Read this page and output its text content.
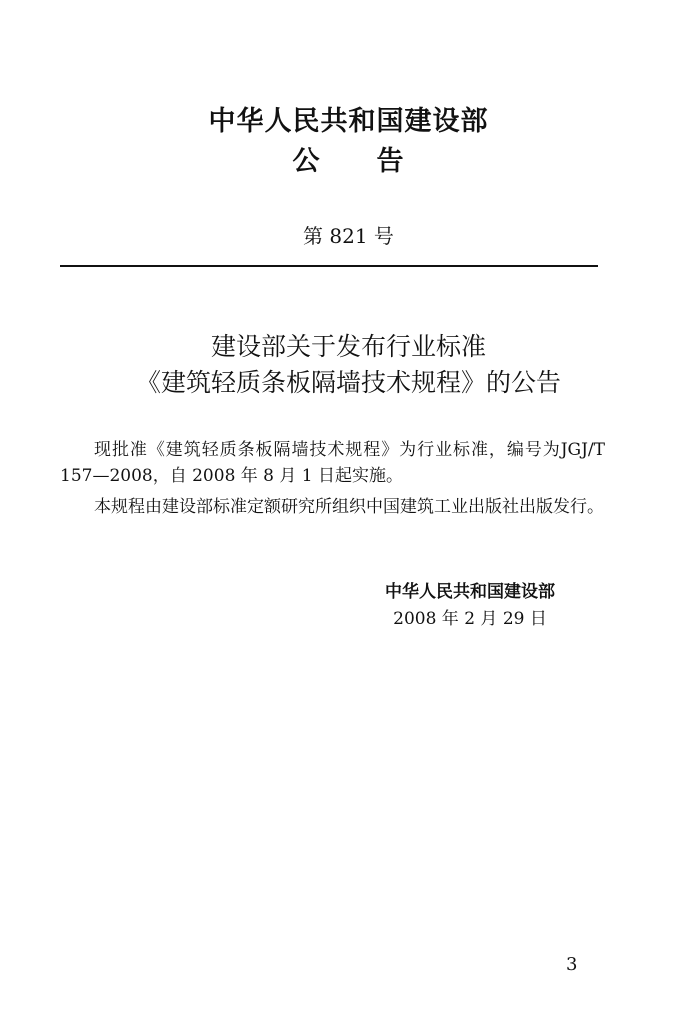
中华人民共和国建设部
公　　告
第 821 号
建设部关于发布行业标准
《建筑轻质条板隔墙技术规程》的公告
现批准《建筑轻质条板隔墙技术规程》为行业标准，编号为JGJ/T 157—2008，自 2008 年 8 月 1 日起实施。
本规程由建设部标准定额研究所组织中国建筑工业出版社出版发行。
中华人民共和国建设部
2008 年 2 月 29 日
3
